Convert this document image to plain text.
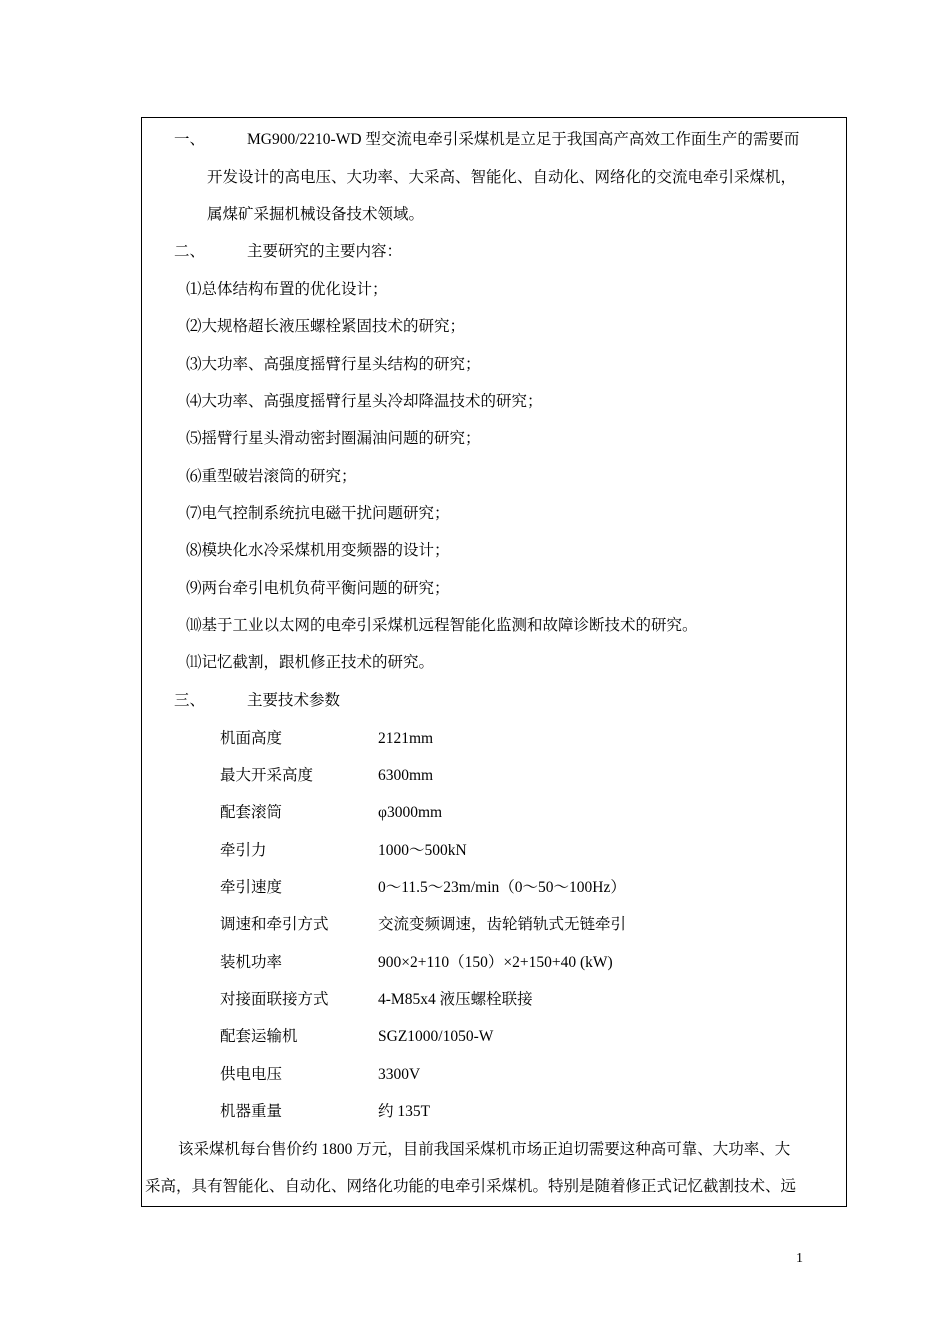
一、	MG900/2210-WD 型交流电牵引采煤机是立足于我国高产高效工作面生产的需要而
开发设计的高电压、大功率、大采高、智能化、自动化、网络化的交流电牵引采煤机，
属煤矿采掘机械设备技术领域。
二、	主要研究的主要内容：
⑴总体结构布置的优化设计；
⑵大规格超长液压螺栓紧固技术的研究；
⑶大功率、高强度摇臂行星头结构的研究；
⑷大功率、高强度摇臂行星头冷却降温技术的研究；
⑸摇臂行星头滑动密封圈漏油问题的研究；
⑹重型破岩滚筒的研究；
⑺电气控制系统抗电磁干扰问题研究；
⑻模块化水冷采煤机用变频器的设计；
⑼两台牵引电机负荷平衡问题的研究；
⑽基于工业以太网的电牵引采煤机远程智能化监测和故障诊断技术的研究。
⑾记忆截割，跟机修正技术的研究。
三、	主要技术参数
机面高度	2121mm
最大开采高度	6300mm
配套滚筒	φ3000mm
牵引力	1000～500kN
牵引速度	0～11.5～23m/min（0～50～100Hz）
调速和牵引方式	交流变频调速，齿轮销轨式无链牵引
装机功率	900×2+110（150）×2+150+40 (kW)
对接面联接方式	4-M85x4 液压螺栓联接
配套运输机	SGZ1000/1050-W
供电电压	3300V
机器重量	约 135T
该采煤机每台售价约 1800 万元，目前我国采煤机市场正迫切需要这种高可靠、大功率、大
采高，具有智能化、自动化、网络化功能的电牵引采煤机。特别是随着修正式记忆截割技术、远
1
